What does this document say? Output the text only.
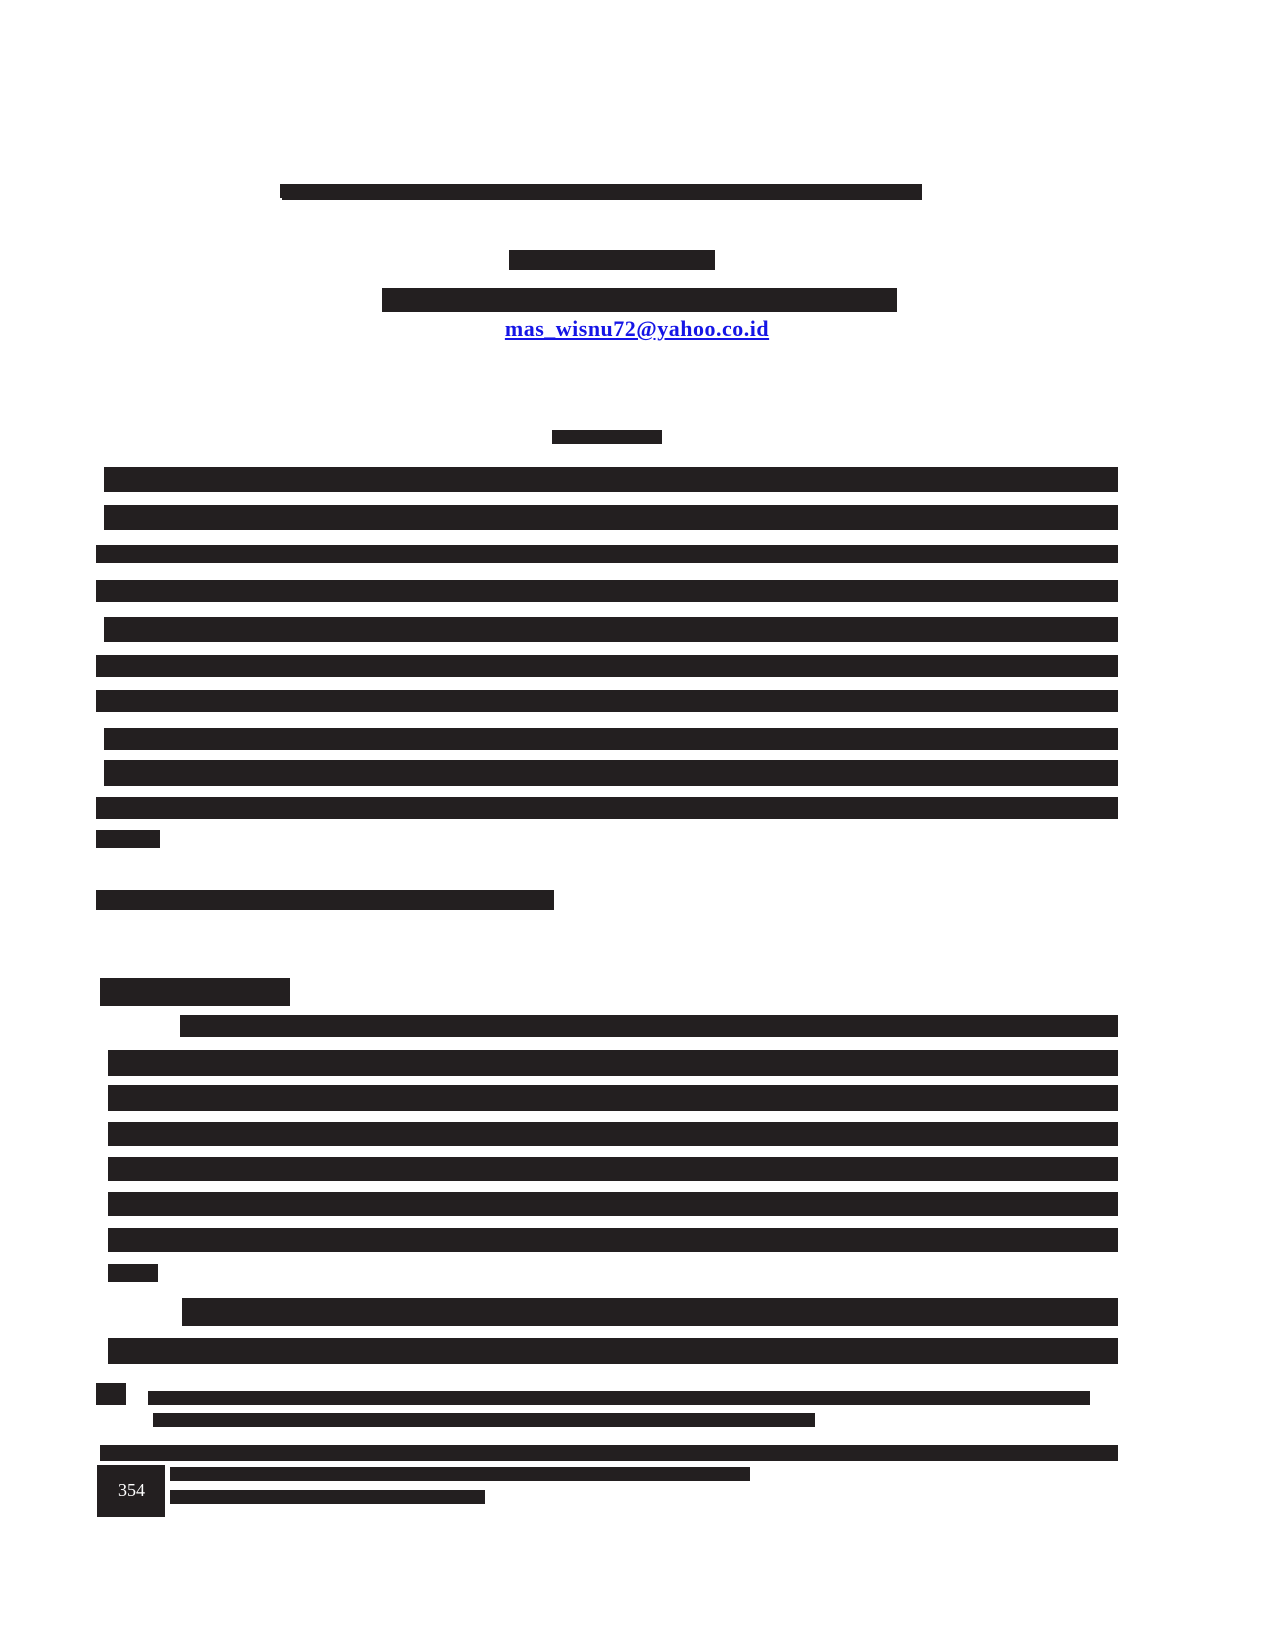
mas_wisnu72@yahoo.co.id
354
